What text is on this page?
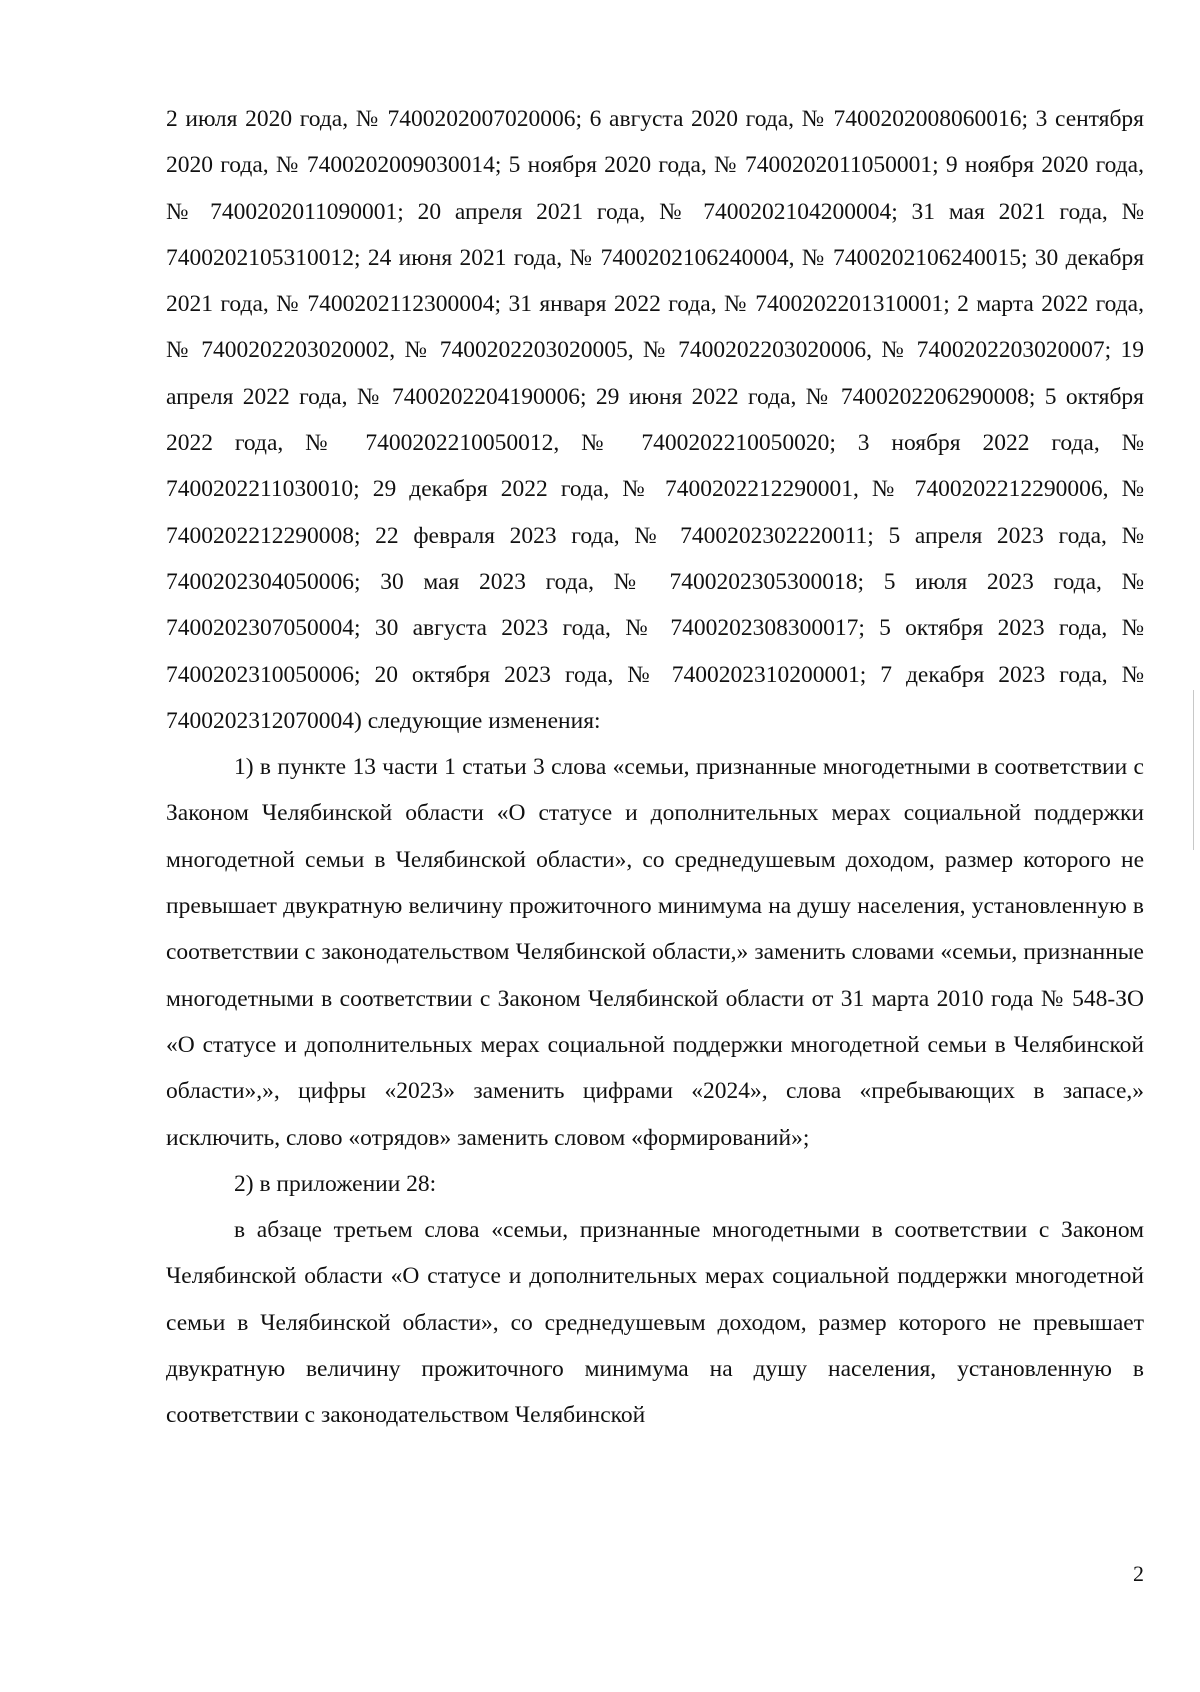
2 июля 2020 года, № 7400202007020006; 6 августа 2020 года, № 7400202008060016; 3 сентября 2020 года, № 7400202009030014; 5 ноября 2020 года, № 7400202011050001; 9 ноября 2020 года, № 7400202011090001; 20 апреля 2021 года, № 7400202104200004; 31 мая 2021 года, № 7400202105310012; 24 июня 2021 года, № 7400202106240004, № 7400202106240015; 30 декабря 2021 года, № 7400202112300004; 31 января 2022 года, № 7400202201310001; 2 марта 2022 года, № 7400202203020002, № 7400202203020005, № 7400202203020006, № 7400202203020007; 19 апреля 2022 года, № 7400202204190006; 29 июня 2022 года, № 7400202206290008; 5 октября 2022 года, № 7400202210050012, № 7400202210050020; 3 ноября 2022 года, № 7400202211030010; 29 декабря 2022 года, № 7400202212290001, № 7400202212290006, № 7400202212290008; 22 февраля 2023 года, № 7400202302220011; 5 апреля 2023 года, № 7400202304050006; 30 мая 2023 года, № 7400202305300018; 5 июля 2023 года, № 7400202307050004; 30 августа 2023 года, № 7400202308300017; 5 октября 2023 года, № 7400202310050006; 20 октября 2023 года, № 7400202310200001; 7 декабря 2023 года, № 7400202312070004) следующие изменения:

1) в пункте 13 части 1 статьи 3 слова «семьи, признанные многодетными в соответствии с Законом Челябинской области «О статусе и дополнительных мерах социальной поддержки многодетной семьи в Челябинской области», со среднедушевым доходом, размер которого не превышает двукратную величину прожиточного минимума на душу населения, установленную в соответствии с законодательством Челябинской области,» заменить словами «семьи, признанные многодетными в соответствии с Законом Челябинской области от 31 марта 2010 года № 548-ЗО «О статусе и дополнительных мерах социальной поддержки многодетной семьи в Челябинской области»,», цифры «2023» заменить цифрами «2024», слова «пребывающих в запасе,» исключить, слово «отрядов» заменить словом «формирований»;

2) в приложении 28:

в абзаце третьем слова «семьи, признанные многодетными в соответствии с Законом Челябинской области «О статусе и дополнительных мерах социальной поддержки многодетной семьи в Челябинской области», со среднедушевым доходом, размер которого не превышает двукратную величину прожиточного минимума на душу населения, установленную в соответствии с законодательством Челябинской

2
